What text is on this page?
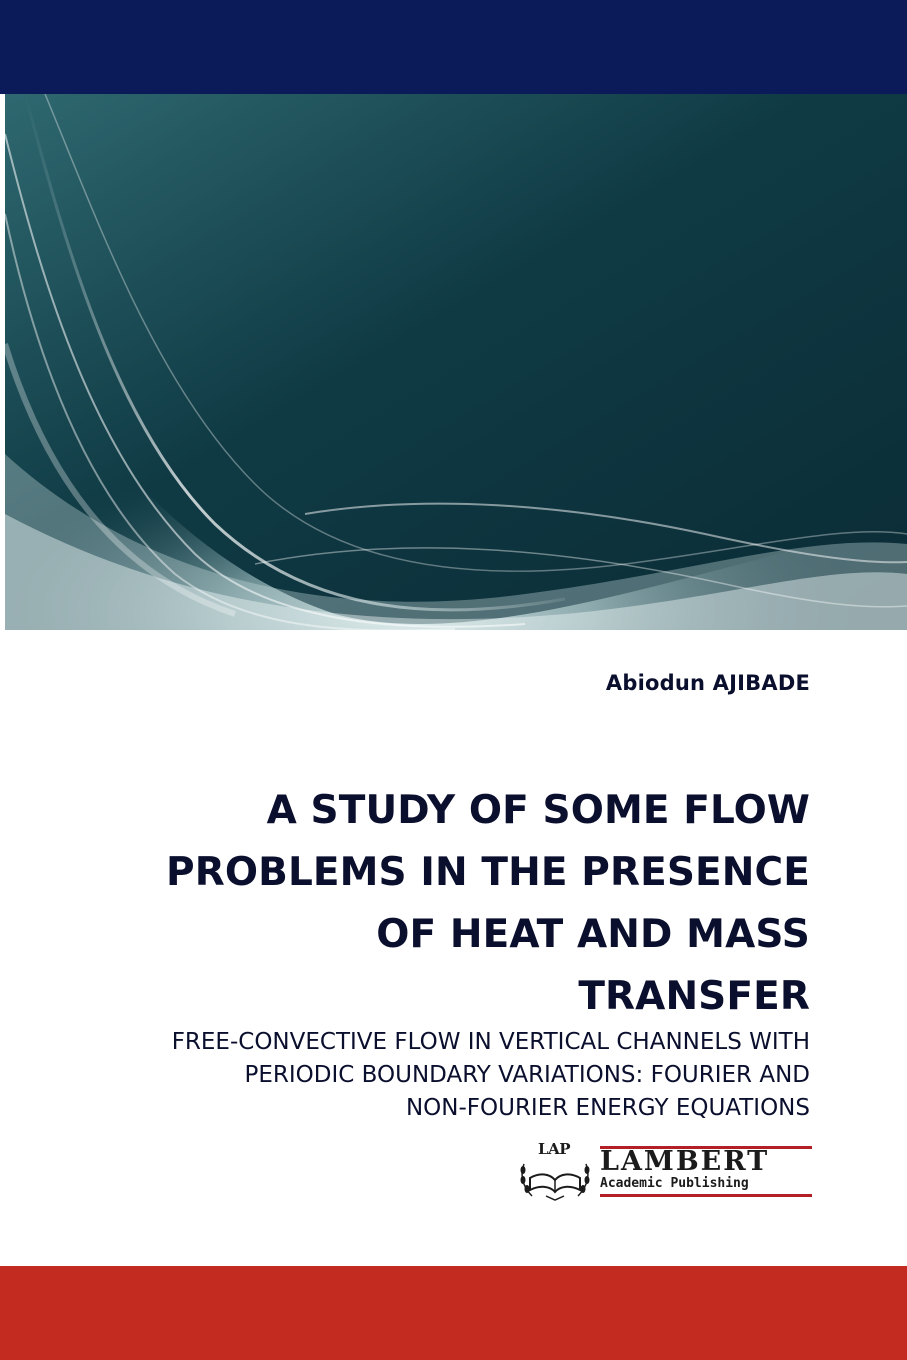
Abiodun AJIBADE
A STUDY OF SOME FLOW
PROBLEMS IN THE PRESENCE
OF HEAT AND MASS
TRANSFER
FREE-CONVECTIVE FLOW IN VERTICAL CHANNELS WITH
PERIODIC BOUNDARY VARIATIONS: FOURIER AND
NON-FOURIER ENERGY EQUATIONS
LAP LAMBERT
Academic Publishing
